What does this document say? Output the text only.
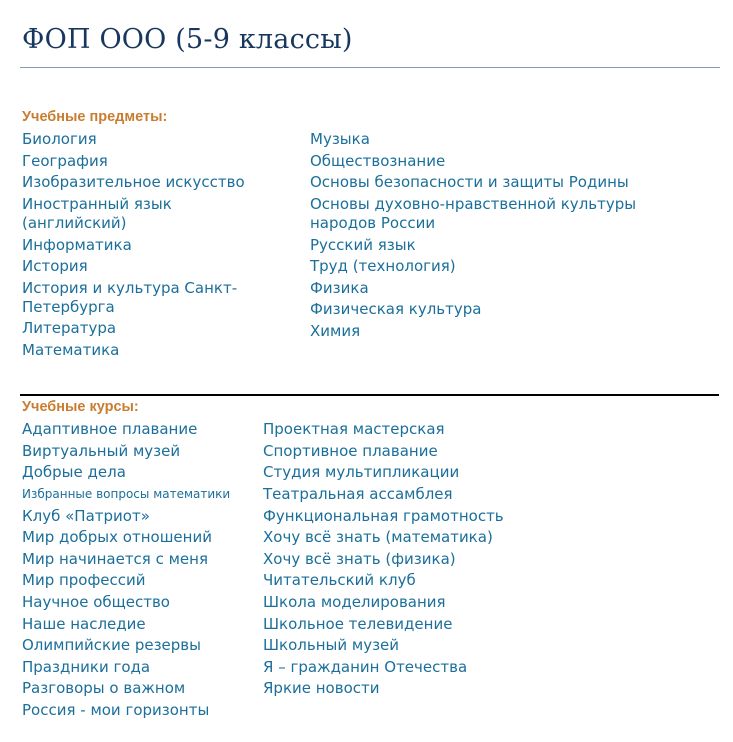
ФОП ООО (5-9 классы)
Учебные предметы:
Биология
География
Изобразительное искусство
Иностранный язык
(английский)
Информатика
История
История и культура Санкт-
Петербурга
Литература
Математика
Музыка
Обществознание
Основы безопасности и защиты Родины
Основы духовно-нравственной культуры
народов России
Русский язык
Труд (технология)
Физика
Физическая культура
Химия
Учебные курсы:
Адаптивное плавание
Виртуальный музей
Добрые дела
Избранные вопросы математики
Клуб «Патриот»
Мир добрых отношений
Мир начинается с меня
Мир профессий
Научное общество
Наше наследие
Олимпийские резервы
Праздники года
Разговоры о важном
Россия - мои горизонты
Проектная мастерская
Спортивное плавание
Студия мультипликации
Театральная ассамблея
Функциональная грамотность
Хочу всё знать (математика)
Хочу всё знать (физика)
Читательский клуб
Школа моделирования
Школьное телевидение
Школьный музей
Я – гражданин Отечества
Яркие новости
